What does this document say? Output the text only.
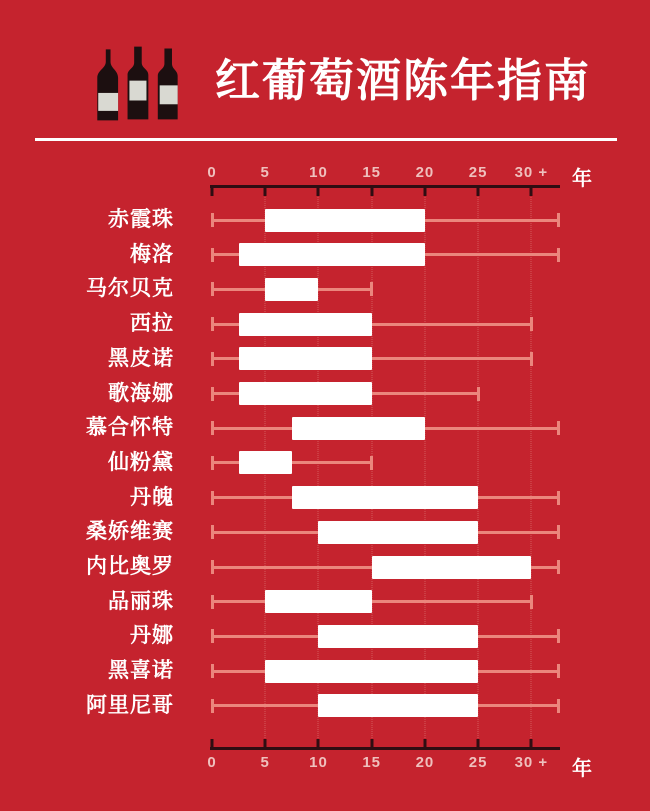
红葡萄酒陈年指南
年
0	5	10 15 20 25 30 +
赤霞珠
梅洛
马尔贝克
西拉
黑皮诺
歌海娜
慕合怀特
仙粉黛
丹魄
桑娇维赛
内比奥罗
品丽珠
丹娜
黑喜诺
阿里尼哥
年
0	5	10 15 20 25 30 +
